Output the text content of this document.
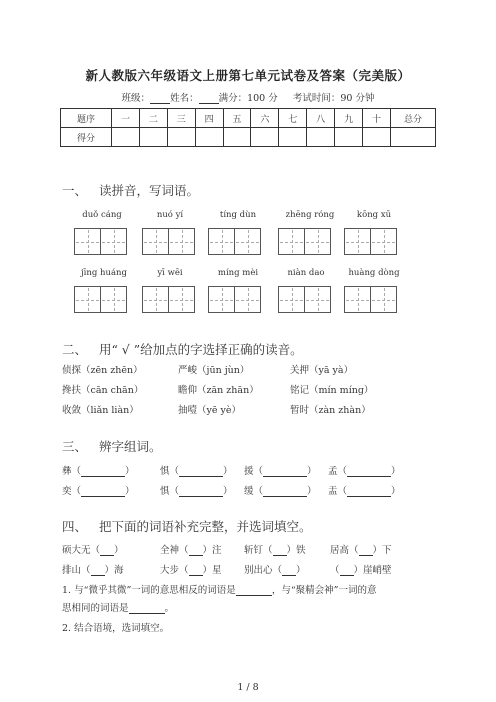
新人教版六年级语文上册第七单元试卷及答案（完美版）
班级： 姓名： 满分：100 分 考试时间：90 分钟
题序	一	二	三	四	五	六	七	八	九	十	总分
得分											
一、 读拼音，写词语。
duǒ cáng	nuó yí	tíng dùn	zhēng róng	kōng xū
jīng huáng	yī wēi	míng mèi	niàn dao	huàng dòng
二、 用“ √ ”给加点的字选择正确的读音。
侦探（zēn zhēn）	严峻（jūn jùn）	关押（yā yà）
搀扶（cān chān）	瞻仰（zān zhān）	铭记（mín míng）
收敛（liǎn liàn）	抽噎（yē yè）	暂时（zàn zhàn）
三、 辨字组词。
彝（	）	惧（	） 援（	） 孟（	）
奕（	）	惧（	） 缓（	） 盂（	）
四、 把下面的词语补充完整，并选词填空。
硕大无（ ）	全神（ ）注 斩钉（ ）铁	居高（ ）下
排山（ ）海	大步（ ）星 别出心（ ）	（ ）崖峭壁
1. 与“微乎其微”一词的意思相反的词语是	，与“聚精会神”一词的意
思相同的词语是	。
2. 结合语境，选词填空。
1 / 8
